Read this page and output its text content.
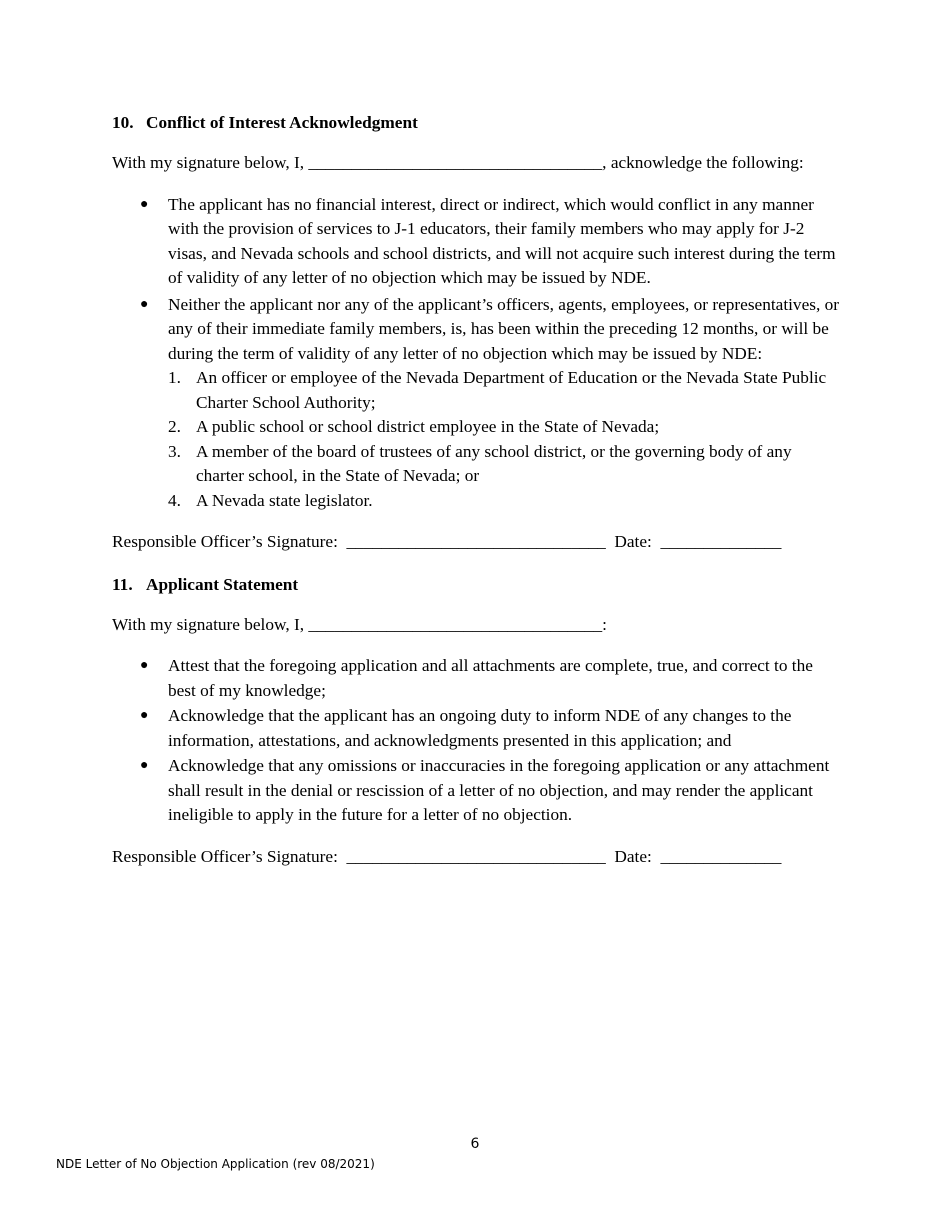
10. Conflict of Interest Acknowledgment

With my signature below, I, __________________________________, acknowledge the following:

● The applicant has no financial interest, direct or indirect, which would conflict in any manner with the provision of services to J-1 educators, their family members who may apply for J-2 visas, and Nevada schools and school districts, and will not acquire such interest during the term of validity of any letter of no objection which may be issued by NDE.
● Neither the applicant nor any of the applicant’s officers, agents, employees, or representatives, or any of their immediate family members, is, has been within the preceding 12 months, or will be during the term of validity of any letter of no objection which may be issued by NDE:
1. An officer or employee of the Nevada Department of Education or the Nevada State Public Charter School Authority;
2. A public school or school district employee in the State of Nevada;
3. A member of the board of trustees of any school district, or the governing body of any charter school, in the State of Nevada; or
4. A Nevada state legislator.

Responsible Officer’s Signature:  ______________________________  Date:  ______________

11. Applicant Statement

With my signature below, I, __________________________________:

● Attest that the foregoing application and all attachments are complete, true, and correct to the best of my knowledge;
● Acknowledge that the applicant has an ongoing duty to inform NDE of any changes to the information, attestations, and acknowledgments presented in this application; and
● Acknowledge that any omissions or inaccuracies in the foregoing application or any attachment shall result in the denial or rescission of a letter of no objection, and may render the applicant ineligible to apply in the future for a letter of no objection.

Responsible Officer’s Signature:  ______________________________  Date:  ______________

6
NDE Letter of No Objection Application (rev 08/2021)
